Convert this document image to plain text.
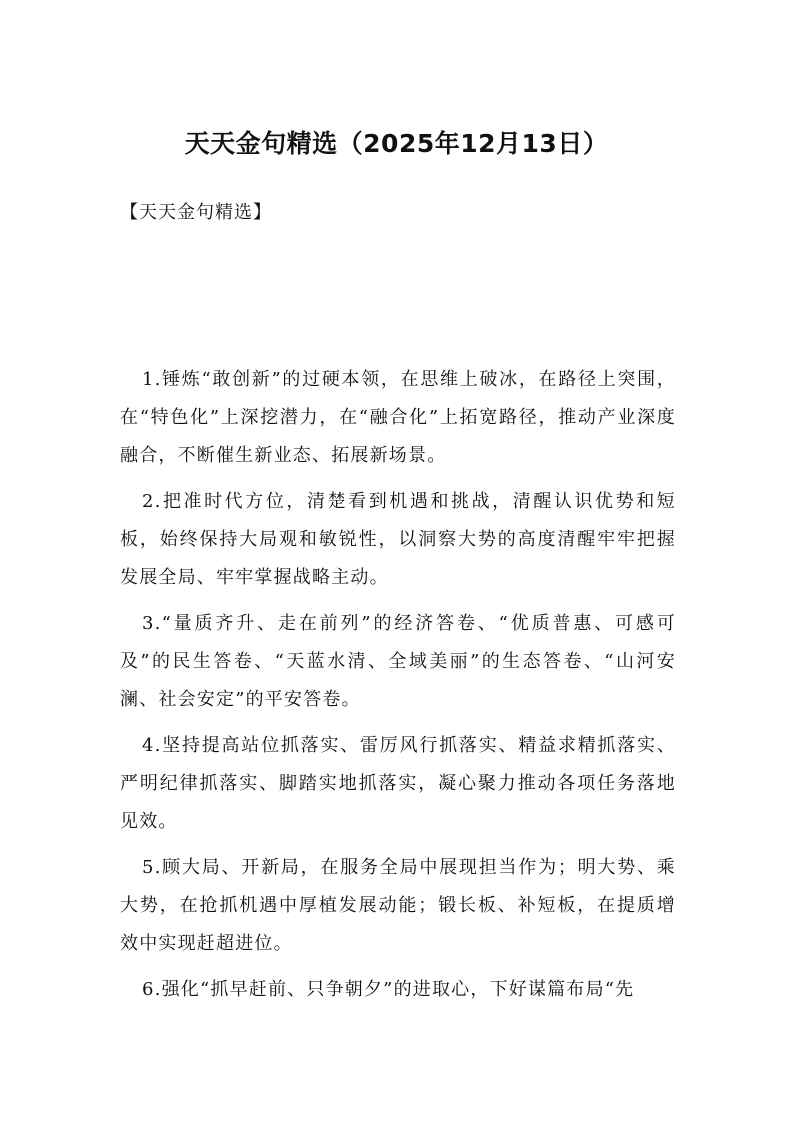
天天金句精选（2025年12月13日）

【天天金句精选】

1.锤炼“敢创新”的过硬本领，在思维上破冰，在路径上突围，在“特色化”上深挖潜力，在“融合化”上拓宽路径，推动产业深度融合，不断催生新业态、拓展新场景。

2.把准时代方位，清楚看到机遇和挑战，清醒认识优势和短板，始终保持大局观和敏锐性，以洞察大势的高度清醒牢牢把握发展全局、牢牢掌握战略主动。

3.“量质齐升、走在前列”的经济答卷、“优质普惠、可感可及”的民生答卷、“天蓝水清、全域美丽”的生态答卷、“山河安澜、社会安定”的平安答卷。

4.坚持提高站位抓落实、雷厉风行抓落实、精益求精抓落实、严明纪律抓落实、脚踏实地抓落实，凝心聚力推动各项任务落地见效。

5.顾大局、开新局，在服务全局中展现担当作为；明大势、乘大势，在抢抓机遇中厚植发展动能；锻长板、补短板，在提质增效中实现赶超进位。

6.强化“抓早赶前、只争朝夕”的进取心，下好谋篇布局“先
